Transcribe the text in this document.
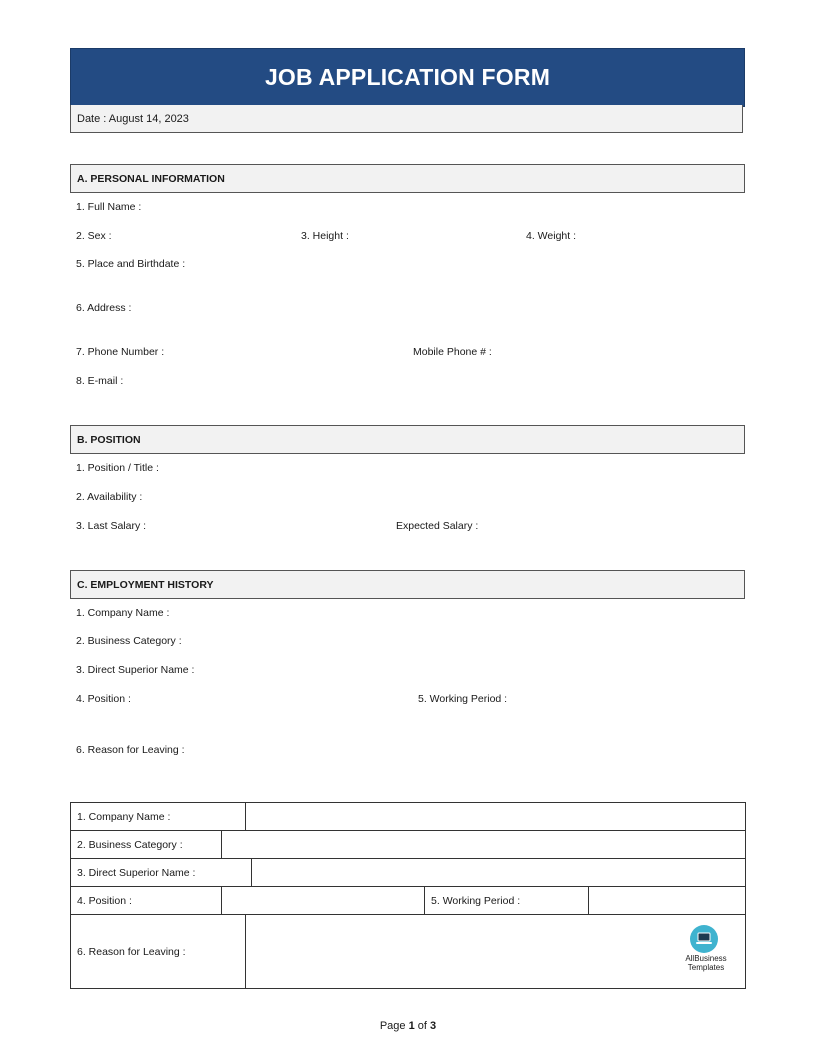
JOB APPLICATION FORM
Date : August 14, 2023
A. PERSONAL INFORMATION
1. Full Name :
2. Sex :	3. Height :	4. Weight :
5. Place and Birthdate :
6. Address :
7. Phone Number :	Mobile Phone # :
8. E-mail :
B. POSITION
1. Position / Title :
2. Availability :
3. Last Salary :	Expected Salary :
C. EMPLOYMENT HISTORY
1. Company Name :
2. Business Category :
3. Direct Superior Name :
4. Position :	5. Working Period :
6. Reason for Leaving :
1. Company Name :					
2. Business Category :					
3. Direct Superior Name :					
4. Position :				5. Working Period :	
6. Reason for Leaving :					
AllBusiness
Templates
Page 1 of 3
